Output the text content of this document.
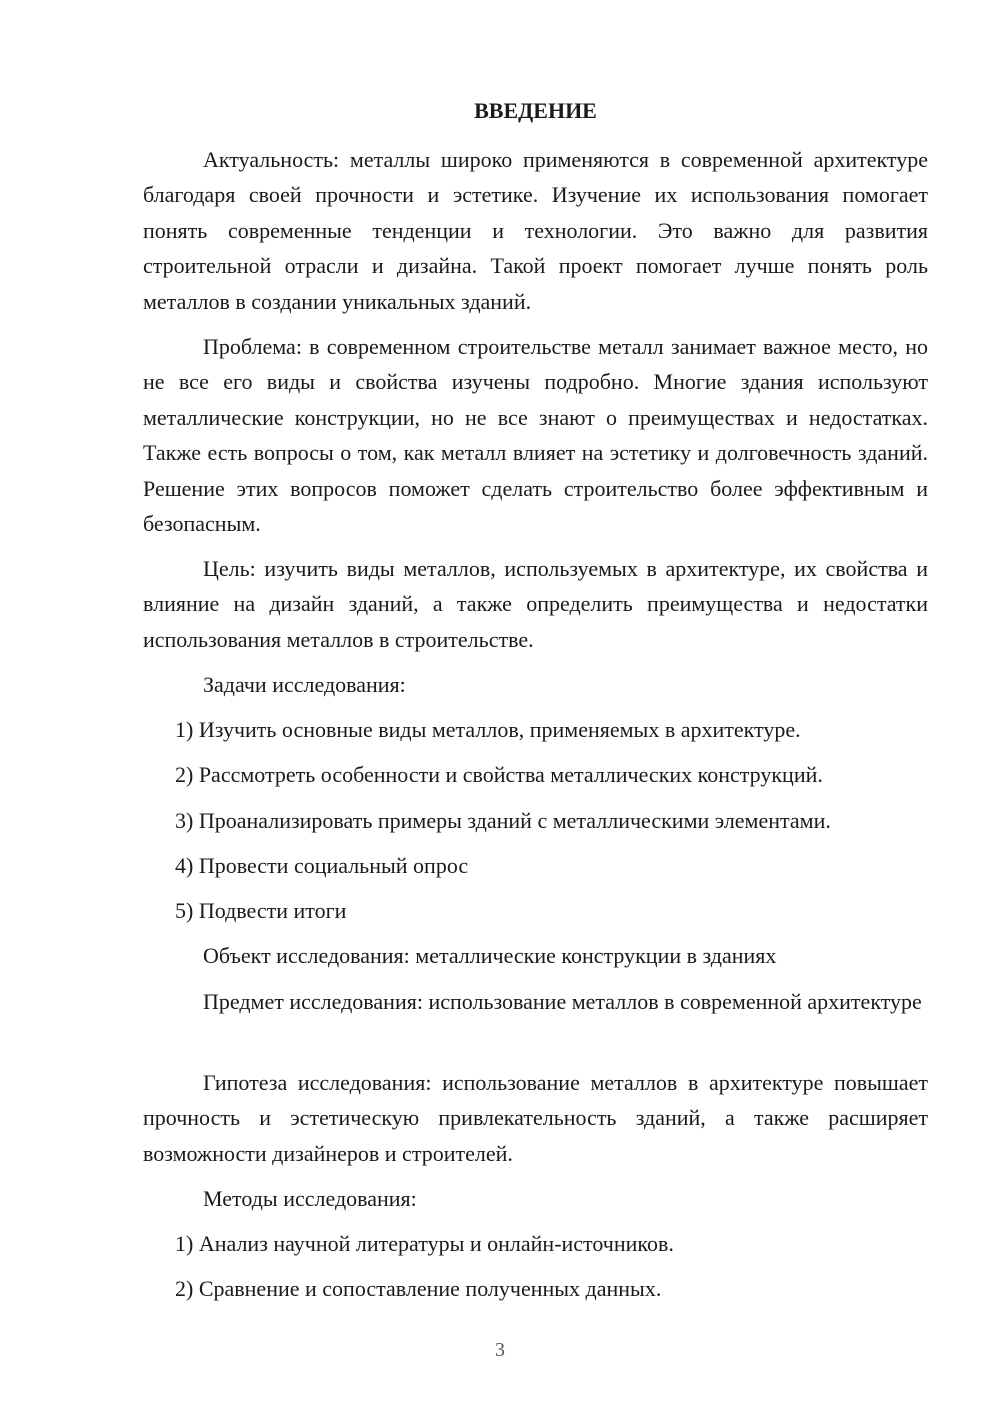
ВВЕДЕНИЕ

Актуальность: металлы широко применяются в современной архитектуре благодаря своей прочности и эстетике. Изучение их использования помогает понять современные тенденции и технологии. Это важно для развития строительной отрасли и дизайна. Такой проект помогает лучше понять роль металлов в создании уникальных зданий.

Проблема: в современном строительстве металл занимает важное место, но не все его виды и свойства изучены подробно. Многие здания используют металлические конструкции, но не все знают о преимуществах и недостатках. Также есть вопросы о том, как металл влияет на эстетику и долговечность зданий. Решение этих вопросов поможет сделать строительство более эффективным и безопасным.

Цель: изучить виды металлов, используемых в архитектуре, их свойства и влияние на дизайн зданий, а также определить преимущества и недостатки использования металлов в строительстве.

Задачи исследования:
1) Изучить основные виды металлов, применяемых в архитектуре.
2) Рассмотреть особенности и свойства металлических конструкций.
3) Проанализировать примеры зданий с металлическими элементами.
4) Провести социальный опрос
5) Подвести итоги
Объект исследования: металлические конструкции в зданиях

Предмет исследования: использование металлов в современной архитектуре

Гипотеза исследования: использование металлов в архитектуре повышает прочность и эстетическую привлекательность зданий, а также расширяет возможности дизайнеров и строителей.

Методы исследования:
1) Анализ научной литературы и онлайн-источников.
2) Сравнение и сопоставление полученных данных.
3
